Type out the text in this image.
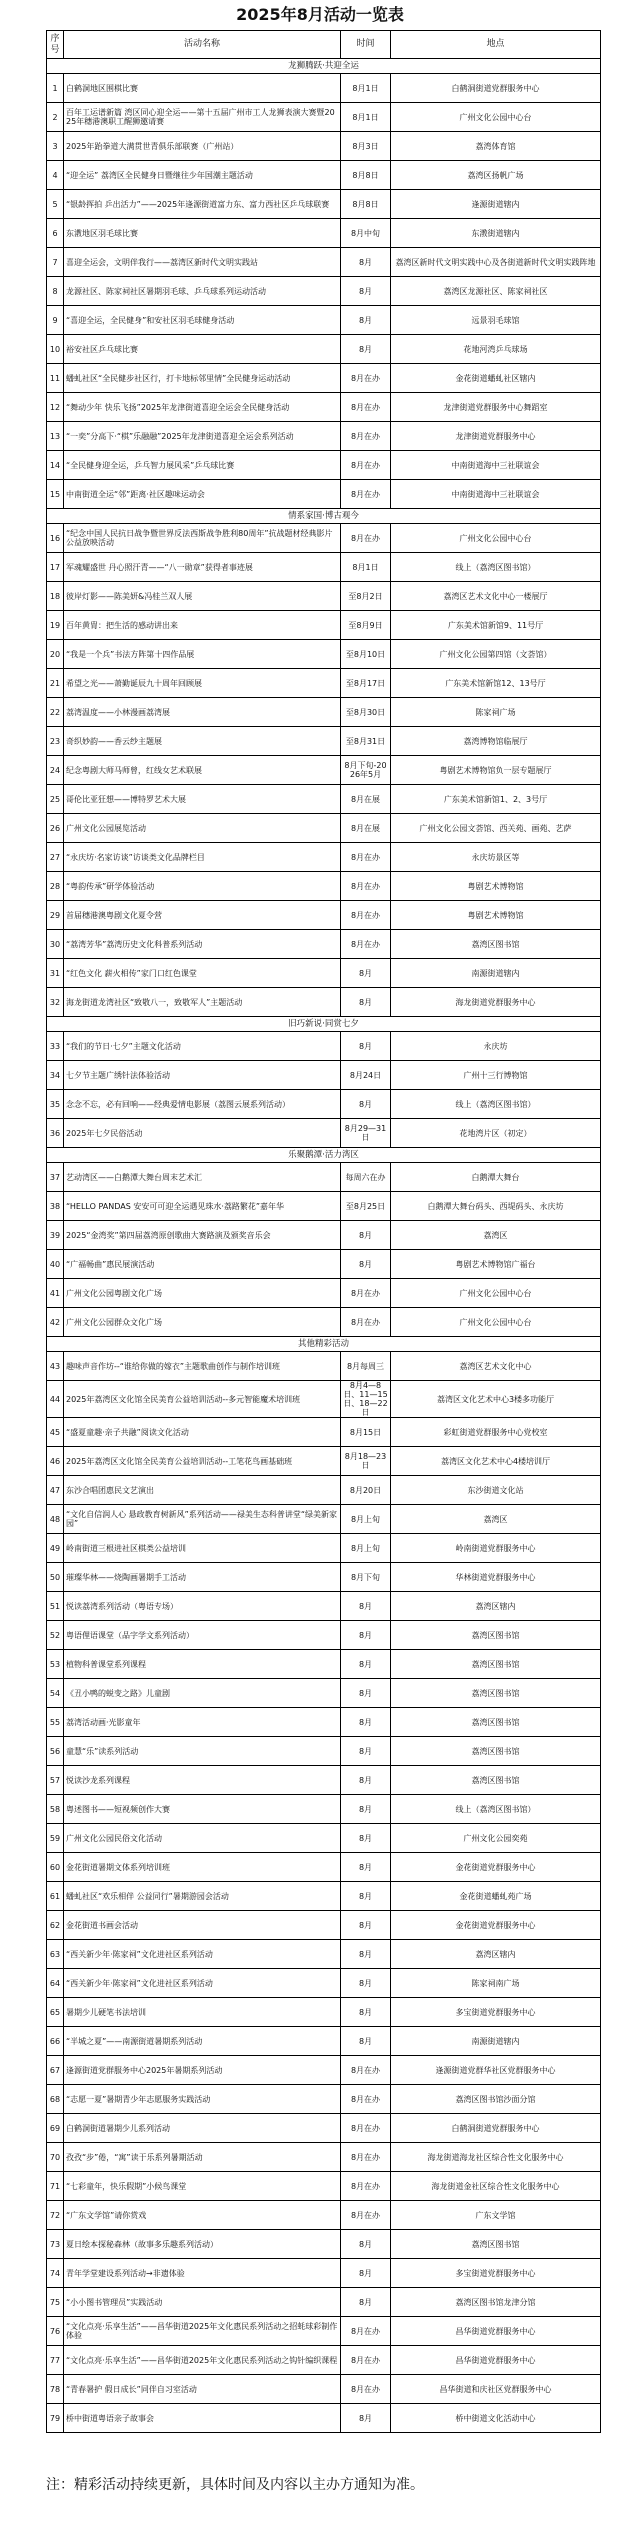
2025年8月活动一览表
序号	活动名称	时间	地点
龙狮腾跃·共迎全运			
1	白鹤洞地区围棋比赛	8月1日	白鹤洞街道党群服务中心
2	百年工运谱新篇 湾区同心迎全运——第十五届广州市工人龙狮表演大赛暨2025年穗港澳职工醒狮邀请赛	8月1日	广州文化公园中心台
3	2025年跆拳道大满贯世青俱乐部联赛（广州站）	8月3日	荔湾体育馆
4	“迎全运” 荔湾区全民健身日暨继往少年国潮主题活动	8月8日	荔湾区扬帆广场
5	“银龄挥拍 乒出活力”——2025年逢源街道富力东、富力西社区乒乓球联赛	8月8日	逢源街道辖内
6	东漖地区羽毛球比赛	8月中旬	东漖街道辖内
7	喜迎全运会，文明伴我行——荔湾区新时代文明实践站	8月	荔湾区新时代文明实践中心及各街道新时代文明实践阵地
8	龙源社区、陈家祠社区暑期羽毛球、乒乓球系列运动活动	8月	荔湾区龙源社区、陈家祠社区
9	“喜迎全运，全民健身”和安社区羽毛球健身活动	8月	远景羽毛球馆
10	裕安社区乒乓球比赛	8月	花地河湾乒乓球场
11	蟠虬社区“全民健步社区行，打卡地标邻里情”全民健身运动活动	8月在办	金花街道蟠虬社区辖内
12	“舞动少年 快乐飞扬”2025年龙津街道喜迎全运会全民健身活动	8月在办	龙津街道党群服务中心舞蹈室
13	“一奕”分高下·“棋”乐融融”2025年龙津街道喜迎全运会系列活动	8月在办	龙津街道党群服务中心
14	“全民健身迎全运，乒乓智力展风采”乒乓球比赛	8月在办	中南街道海中三社联谊会
15	中南街道全运“邻”距离·社区趣味运动会	8月在办	中南街道海中三社联谊会
情系家国·博古观今			
16	“纪念中国人民抗日战争暨世界反法西斯战争胜利80周年”抗战题材经典影片公益放映活动	8月在办	广州文化公园中心台
17	军魂耀盛世 丹心照汗青——“八一勋章”获得者事迹展	8月1日	线上（荔湾区图书馆）
18	彼岸灯影——陈美妍&冯桂兰双人展	至8月2日	荔湾区艺术文化中心一楼展厅
19	百年黄胄：把生活的感动讲出来	至8月9日	广东美术馆新馆9、11号厅
20	“我是一个兵”书法方阵第十四作品展	至8月10日	广州文化公园第四馆（文荟馆）
21	希望之光——萧勤诞辰九十周年回顾展	至8月17日	广东美术馆新馆12、13号厅
22	荔湾温度——小林漫画荔湾展	至8月30日	陈家祠广场
23	奇织妙韵——香云纱主题展	至8月31日	荔湾博物馆临展厅
24	纪念粤剧大师马师曾，红线女艺术联展	8月下旬-2026年5月	粤剧艺术博物馆负一层专题展厅
25	哥伦比亚狂想——博特罗艺术大展	8月在展	广东美术馆新馆1、2、3号厅
26	广州文化公园展览活动	8月在展	广州文化公园文荟馆、西关苑、画苑、艺萨
27	“永庆坊·名家访谈”访谈类文化品牌栏目	8月在办	永庆坊景区等
28	“粤韵传承”研学体验活动	8月在办	粤剧艺术博物馆
29	首届穗港澳粤剧文化夏令营	8月在办	粤剧艺术博物馆
30	“荔湾芳华”荔湾历史文化科普系列活动	8月在办	荔湾区图书馆
31	“红色文化 薪火相传”家门口红色课堂	8月	南源街道辖内
32	海龙街道龙湾社区“致敬八一，致敬军人”主题活动	8月	海龙街道党群服务中心
旧巧新说·同赏七夕			
33	“我们的节日·七夕”主题文化活动	8月	永庆坊
34	七夕节主题广绣针法体验活动	8月24日	广州十三行博物馆
35	念念不忘，必有回响——经典爱情电影展（荔图云展系列活动）	8月	线上（荔湾区图书馆）
36	2025年七夕民俗活动	8月29—31日	花地湾片区（初定）
乐聚鹅潭·活力湾区			
37	艺动湾区——白鹅潭大舞台周末艺术汇	每周六在办	白鹅潭大舞台
38	“HELLO PANDAS 安安可可迎全运遇见珠水·荔路繁花”嘉年华	至8月25日	白鹅潭大舞台码头、西堤码头、永庆坊
39	2025“金湾奖”第四届荔湾原创歌曲大赛路演及颁奖音乐会	8月	荔湾区
40	“广福畅曲”惠民展演活动	8月	粤剧艺术博物馆广福台
41	广州文化公园粤剧文化广场	8月在办	广州文化公园中心台
42	广州文化公园群众文化广场	8月在办	广州文化公园中心台
其他精彩活动			
43	趣味声音作坊--“谁给你做的嫁衣”主题歌曲创作与制作培训班	8月每周三	荔湾区艺术文化中心
44	2025年荔湾区文化馆全民美育公益培训活动--多元智能魔术培训班	8月4—8日、11—15日、18—22日	荔湾区文化艺术中心3楼多功能厅
45	“盛夏童趣·亲子共融”阅读文化活动	8月15日	彩虹街道党群服务中心党校室
46	2025年荔湾区文化馆全民美育公益培训活动--工笔花鸟画基础班	8月18—23日	荔湾区文化艺术中心4楼培训厅
47	东沙合唱团惠民文艺演出	8月20日	东沙街道文化站
48	“文化自信润人心 悬政教育树新风”系列活动——禄美生态科普讲堂“绿美新家园”	8月上旬	荔湾区
49	岭南街道三根进社区棋类公益培训	8月上旬	岭南街道党群服务中心
50	璀璨华林——烧陶画暑期手工活动	8月下旬	华林街道党群服务中心
51	悦读荔湾系列活动（粤语专场）	8月	荔湾区辖内
52	粤语俚语课堂（品字学文系列活动）	8月	荔湾区图书馆
53	植物科普课堂系列课程	8月	荔湾区图书馆
54	《丑小鸭的蜕变之路》儿童剧	8月	荔湾区图书馆
55	荔湾活动画·光影童年	8月	荔湾区图书馆
56	童慧“乐”读系列活动	8月	荔湾区图书馆
57	悦读沙龙系列课程	8月	荔湾区图书馆
58	粤述图书——短视频创作大赛	8月	线上（荔湾区图书馆）
59	广州文化公园民俗文化活动	8月	广州文化公园奕苑
60	金花街道暑期文体系列培训班	8月	金花街道党群服务中心
61	蟠虬社区“欢乐相伴 公益同行”暑期游园会活动	8月	金花街道蟠虬苑广场
62	金花街道书画会活动	8月	金花街道党群服务中心
63	“西关新少年·陈家祠”文化进社区系列活动	8月	荔湾区辖内
64	“西关新少年·陈家祠”文化进社区系列活动	8月	陈家祠南广场
65	暑期少儿硬笔书法培训	8月	多宝街道党群服务中心
66	“半城之夏”——南源街道暑期系列活动	8月	南源街道辖内
67	逢源街道党群服务中心2025年暑期系列活动	8月在办	逢源街道党群华社区党群服务中心
68	“志愿一夏”暑期青少年志愿服务实践活动	8月在办	荔湾区图书馆沙面分馆
69	白鹤洞街道暑期少儿系列活动	8月在办	白鹤洞街道党群服务中心
70	孜孜“步”倦，“寓”读于乐系列暑期活动	8月在办	海龙街道海龙社区综合性文化服务中心
71	“七彩童年，快乐假期”小候鸟课堂	8月在办	海龙街道金社区综合性文化服务中心
72	“广东文学馆”请你赏戏	8月在办	广东文学馆
73	夏日绘本探秘森林（故事多乐趣系列活动）	8月	荔湾区图书馆
74	青年学堂建设系列活动→非遗体验	8月	多宝街道党群服务中心
75	“小小图书管理员”实践活动	8月	荔湾区图书馆龙津分馆
76	“文化点亮·乐享生活”——昌华街道2025年文化惠民系列活动之招蚝球彩制作体验	8月在办	昌华街道党群服务中心
77	“文化点亮·乐享生活”——昌华街道2025年文化惠民系列活动之钩针编织课程	8月在办	昌华街道党群服务中心
78	“青春暑护 假日成长”同伴自习室活动	8月在办	昌华街道和庆社区党群服务中心
79	桥中街道粤语亲子故事会	8月	桥中街道文化活动中心
注：精彩活动持续更新，具体时间及内容以主办方通知为准。
